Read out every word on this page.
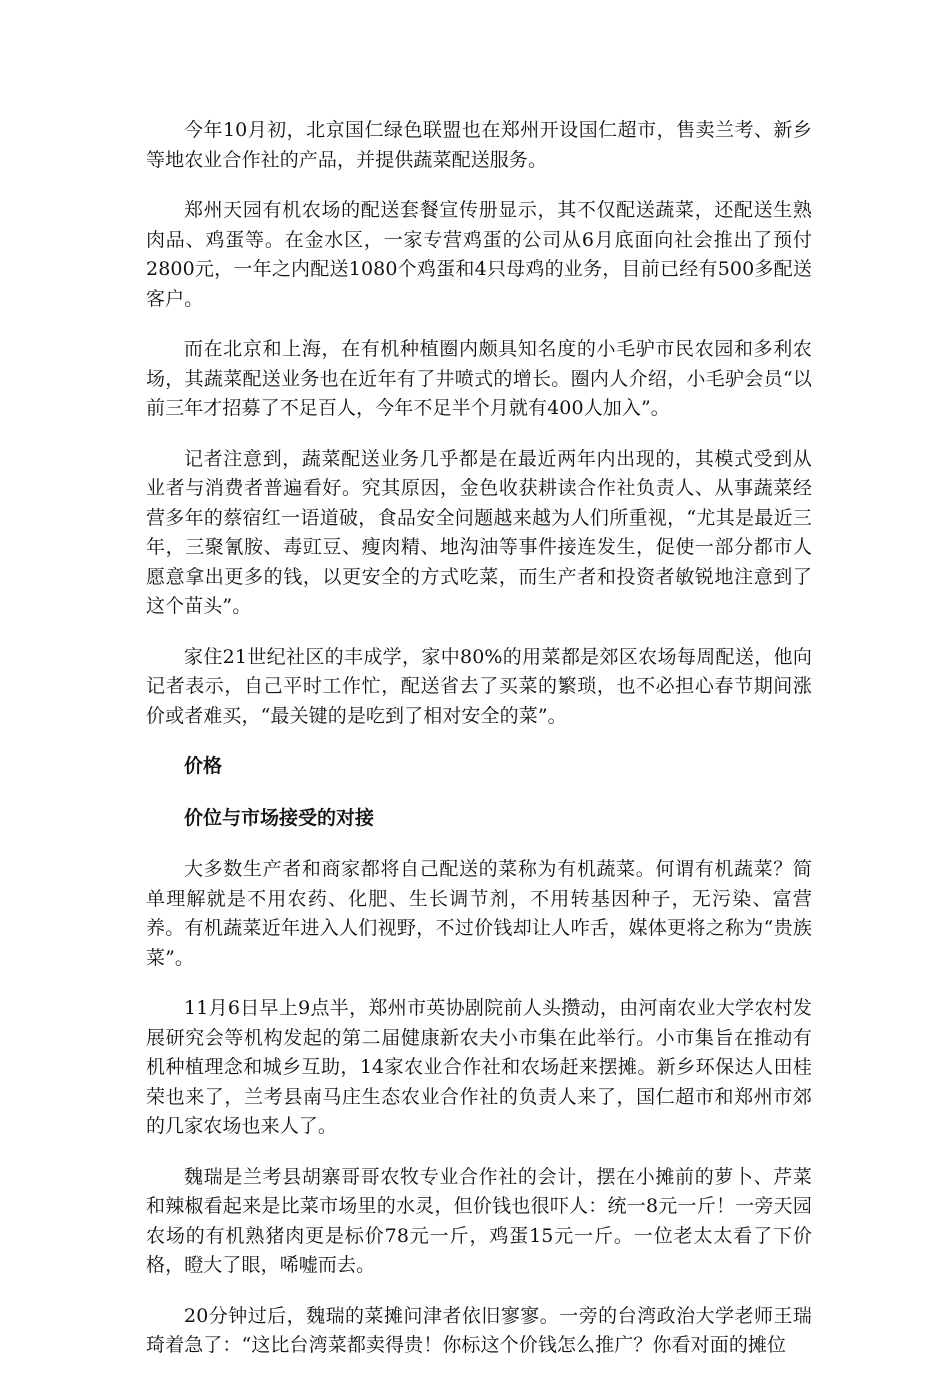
今年10月初，北京国仁绿色联盟也在郑州开设国仁超市，售卖兰考、新乡等地农业合作社的产品，并提供蔬菜配送服务。

郑州天园有机农场的配送套餐宣传册显示，其不仅配送蔬菜，还配送生熟肉品、鸡蛋等。在金水区，一家专营鸡蛋的公司从6月底面向社会推出了预付2800元，一年之内配送1080个鸡蛋和4只母鸡的业务，目前已经有500多配送客户。

而在北京和上海，在有机种植圈内颇具知名度的小毛驴市民农园和多利农场，其蔬菜配送业务也在近年有了井喷式的增长。圈内人介绍，小毛驴会员“以前三年才招募了不足百人，今年不足半个月就有400人加入”。

记者注意到，蔬菜配送业务几乎都是在最近两年内出现的，其模式受到从业者与消费者普遍看好。究其原因，金色收获耕读合作社负责人、从事蔬菜经营多年的蔡宿红一语道破，食品安全问题越来越为人们所重视，“尤其是最近三年，三聚氰胺、毒豇豆、瘦肉精、地沟油等事件接连发生，促使一部分都市人愿意拿出更多的钱，以更安全的方式吃菜，而生产者和投资者敏锐地注意到了这个苗头”。

家住21世纪社区的丰成学，家中80%的用菜都是郊区农场每周配送，他向记者表示，自己平时工作忙，配送省去了买菜的繁琐，也不必担心春节期间涨价或者难买，“最关键的是吃到了相对安全的菜”。

价格
价位与市场接受的对接

大多数生产者和商家都将自己配送的菜称为有机蔬菜。何谓有机蔬菜？简单理解就是不用农药、化肥、生长调节剂，不用转基因种子，无污染、富营养。有机蔬菜近年进入人们视野，不过价钱却让人咋舌，媒体更将之称为“贵族菜”。

11月6日早上9点半，郑州市英协剧院前人头攒动，由河南农业大学农村发展研究会等机构发起的第二届健康新农夫小市集在此举行。小市集旨在推动有机种植理念和城乡互助，14家农业合作社和农场赶来摆摊。新乡环保达人田桂荣也来了，兰考县南马庄生态农业合作社的负责人来了，国仁超市和郑州市郊的几家农场也来人了。

魏瑞是兰考县胡寨哥哥农牧专业合作社的会计，摆在小摊前的萝卜、芹菜和辣椒看起来是比菜市场里的水灵，但价钱也很吓人：统一8元一斤！一旁天园农场的有机熟猪肉更是标价78元一斤，鸡蛋15元一斤。一位老太太看了下价格，瞪大了眼，唏嘘而去。

20分钟过后，魏瑞的菜摊问津者依旧寥寥。一旁的台湾政治大学老师王瑞琦着急了：“这比台湾菜都卖得贵！你标这个价钱怎么推广？你看对面的摊位
